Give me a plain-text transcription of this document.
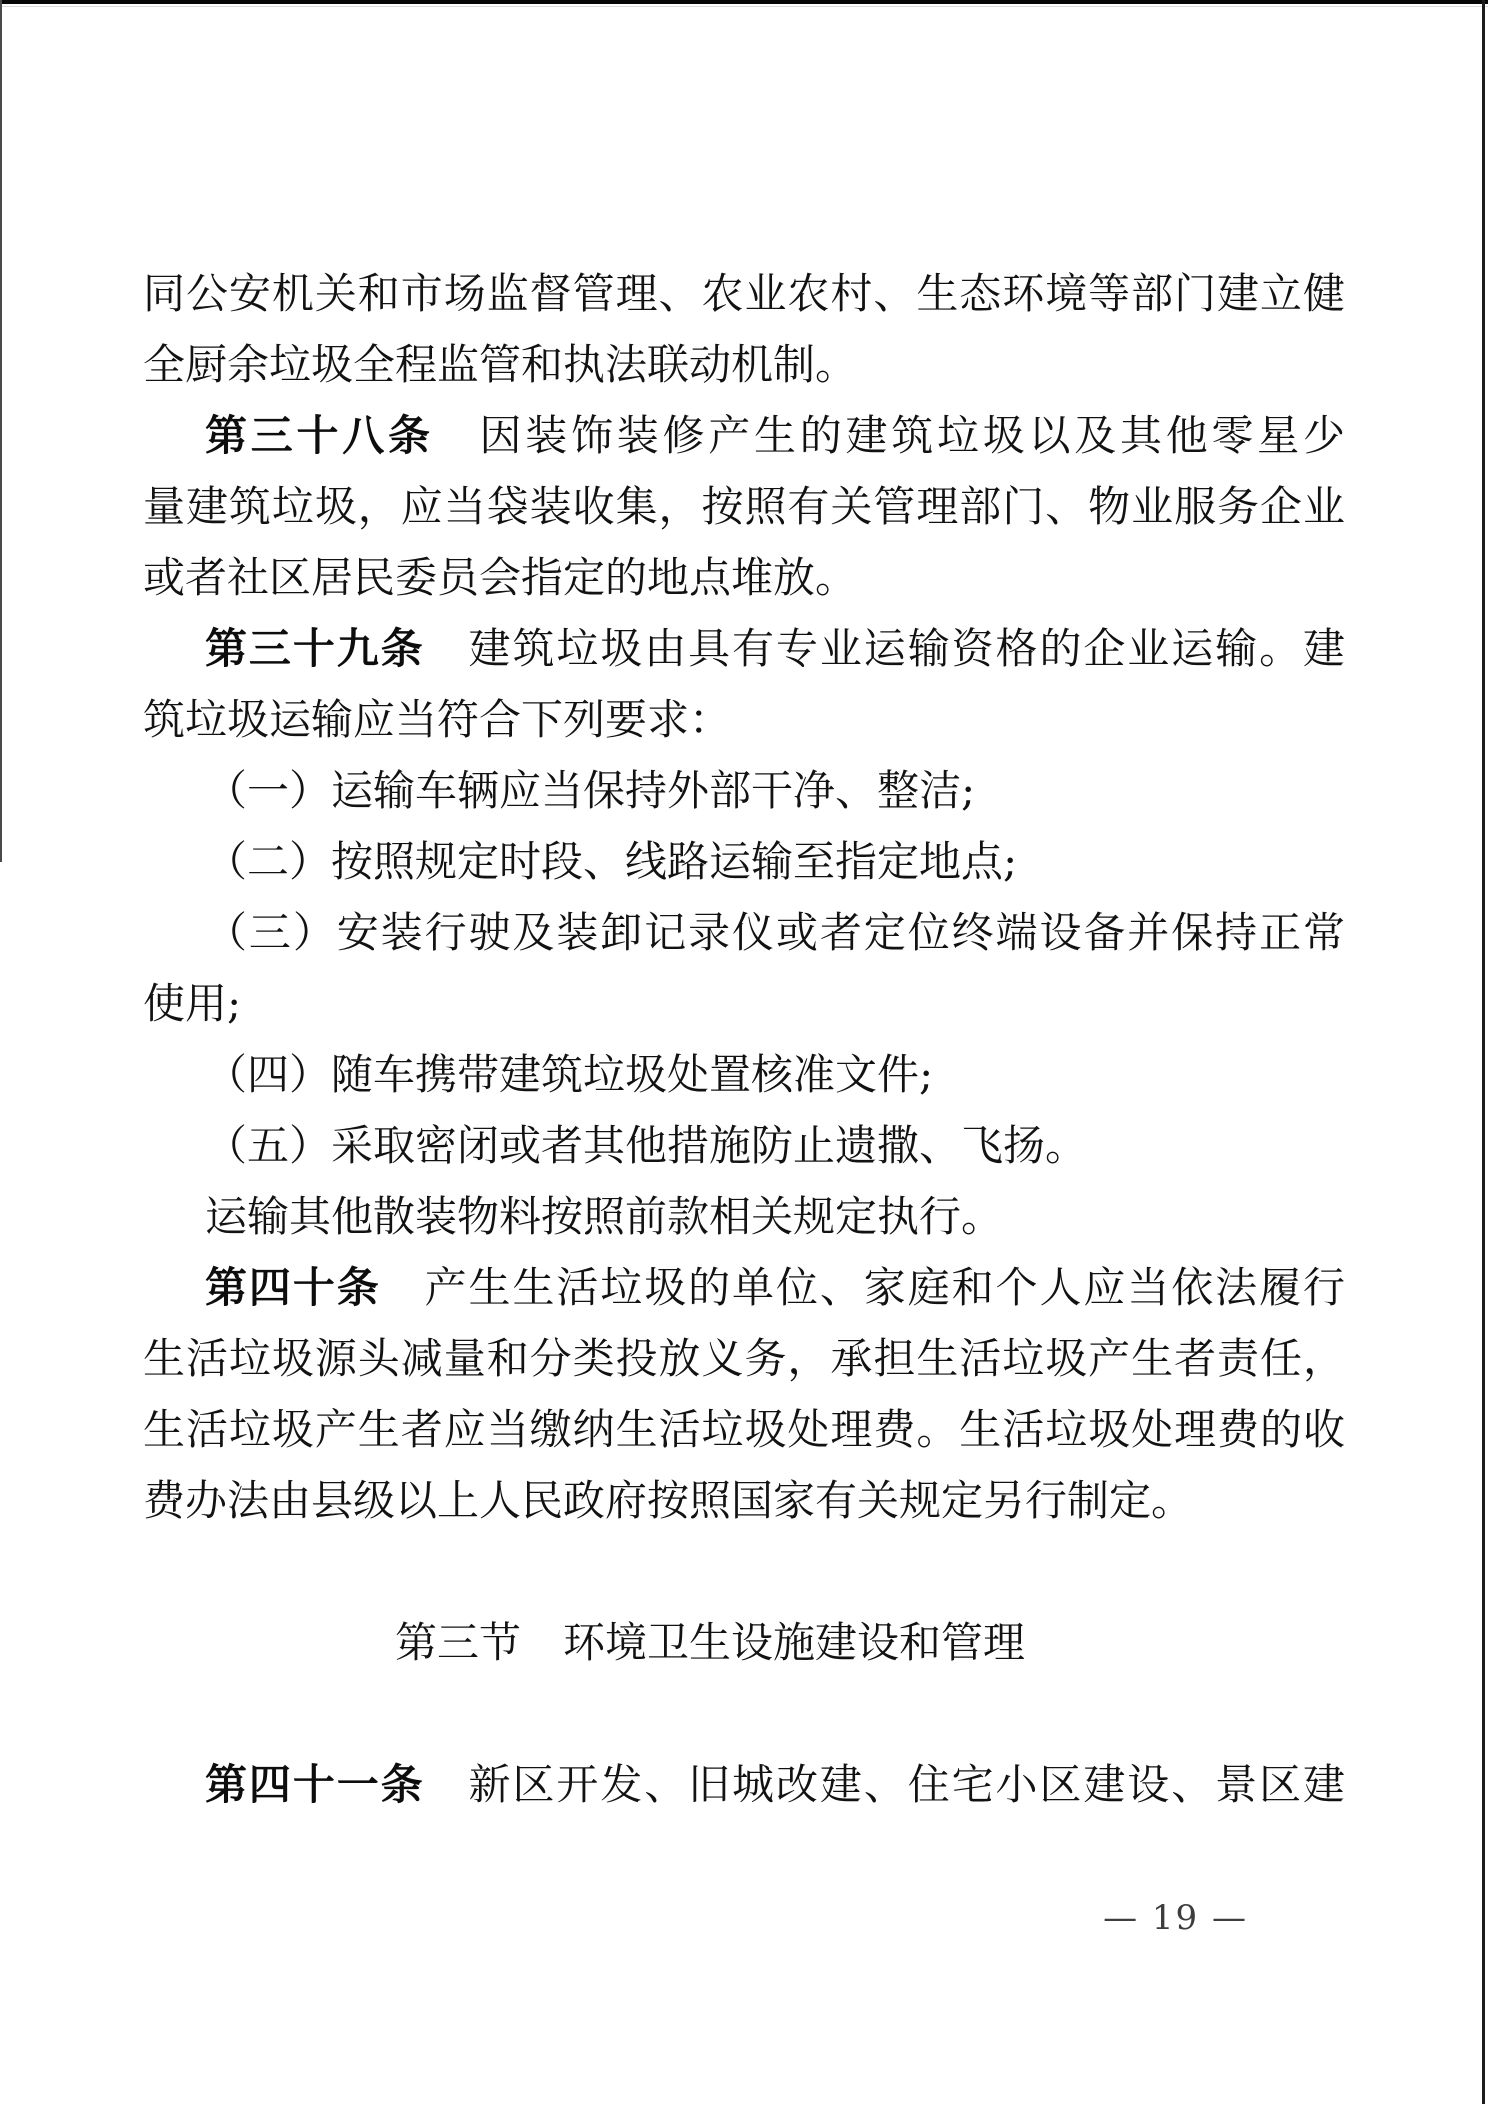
同公安机关和市场监督管理、农业农村、生态环境等部门建立健
全厨余垃圾全程监管和执法联动机制。
第三十八条　因装饰装修产生的建筑垃圾以及其他零星少
量建筑垃圾，应当袋装收集，按照有关管理部门、物业服务企业
或者社区居民委员会指定的地点堆放。
第三十九条　建筑垃圾由具有专业运输资格的企业运输。建
筑垃圾运输应当符合下列要求：
（一）运输车辆应当保持外部干净、整洁;
（二）按照规定时段、线路运输至指定地点;
（三）安装行驶及装卸记录仪或者定位终端设备并保持正常
使用;
（四）随车携带建筑垃圾处置核准文件;
（五）采取密闭或者其他措施防止遗撒、飞扬。
运输其他散装物料按照前款相关规定执行。
第四十条　产生生活垃圾的单位、家庭和个人应当依法履行
生活垃圾源头减量和分类投放义务，承担生活垃圾产生者责任，
生活垃圾产生者应当缴纳生活垃圾处理费。生活垃圾处理费的收
费办法由县级以上人民政府按照国家有关规定另行制定。
第三节　环境卫生设施建设和管理
第四十一条　新区开发、旧城改建、住宅小区建设、景区建
— 19 —
